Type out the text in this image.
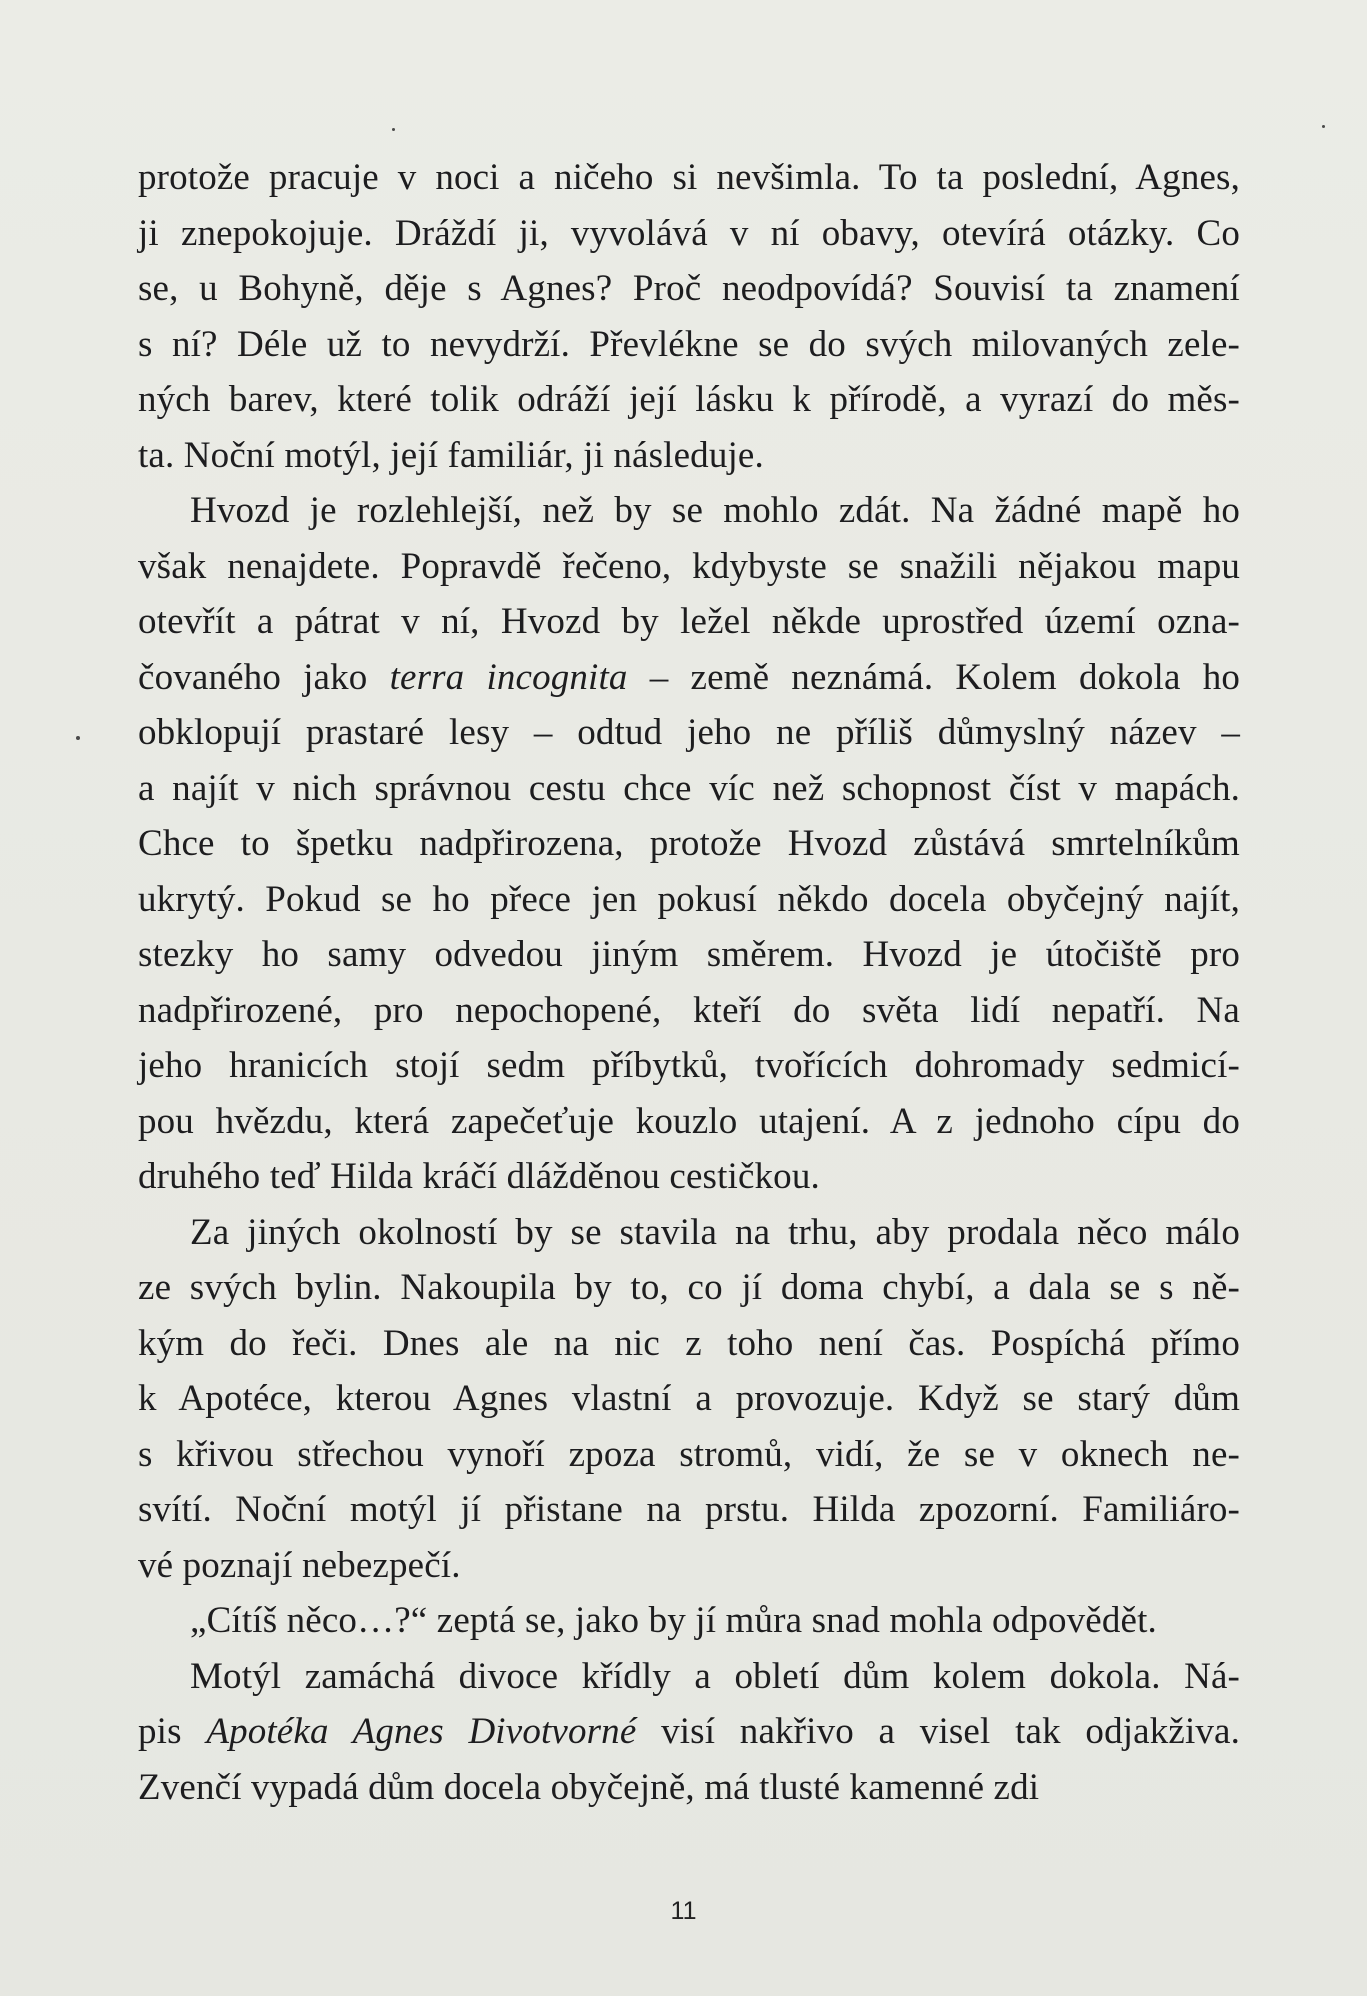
protože pracuje v noci a ničeho si nevšimla. To ta poslední, Agnes,
ji znepokojuje. Dráždí ji, vyvolává v ní obavy, otevírá otázky. Co
se, u Bohyně, děje s Agnes? Proč neodpovídá? Souvisí ta znamení
s ní? Déle už to nevydrží. Převlékne se do svých milovaných zele-
ných barev, které tolik odráží její lásku k přírodě, a vyrazí do měs-
ta. Noční motýl, její familiár, ji následuje.
Hvozd je rozlehlejší, než by se mohlo zdát. Na žádné mapě ho
však nenajdete. Popravdě řečeno, kdybyste se snažili nějakou mapu
otevřít a pátrat v ní, Hvozd by ležel někde uprostřed území ozna-
čovaného jako terra incognita – země neznámá. Kolem dokola ho
obklopují prastaré lesy – odtud jeho ne příliš důmyslný název –
a najít v nich správnou cestu chce víc než schopnost číst v mapách.
Chce to špetku nadpřirozena, protože Hvozd zůstává smrtelníkům
ukrytý. Pokud se ho přece jen pokusí někdo docela obyčejný najít,
stezky ho samy odvedou jiným směrem. Hvozd je útočiště pro
nadpřirozené, pro nepochopené, kteří do světa lidí nepatří. Na
jeho hranicích stojí sedm příbytků, tvořících dohromady sedmicí-
pou hvězdu, která zapečeťuje kouzlo utajení. A z jednoho cípu do
druhého teď Hilda kráčí dlážděnou cestičkou.
Za jiných okolností by se stavila na trhu, aby prodala něco málo
ze svých bylin. Nakoupila by to, co jí doma chybí, a dala se s ně-
kým do řeči. Dnes ale na nic z toho není čas. Pospíchá přímo
k Apotéce, kterou Agnes vlastní a provozuje. Když se starý dům
s křivou střechou vynoří zpoza stromů, vidí, že se v oknech ne-
svítí. Noční motýl jí přistane na prstu. Hilda zpozorní. Familiáro-
vé poznají nebezpečí.
„Cítíš něco…?“ zeptá se, jako by jí můra snad mohla odpovědět.
Motýl zamáchá divoce křídly a obletí dům kolem dokola. Ná-
pis Apotéka Agnes Divotvorné visí nakřivo a visel tak odjakživa.
Zvenčí vypadá dům docela obyčejně, má tlusté kamenné zdi
11
